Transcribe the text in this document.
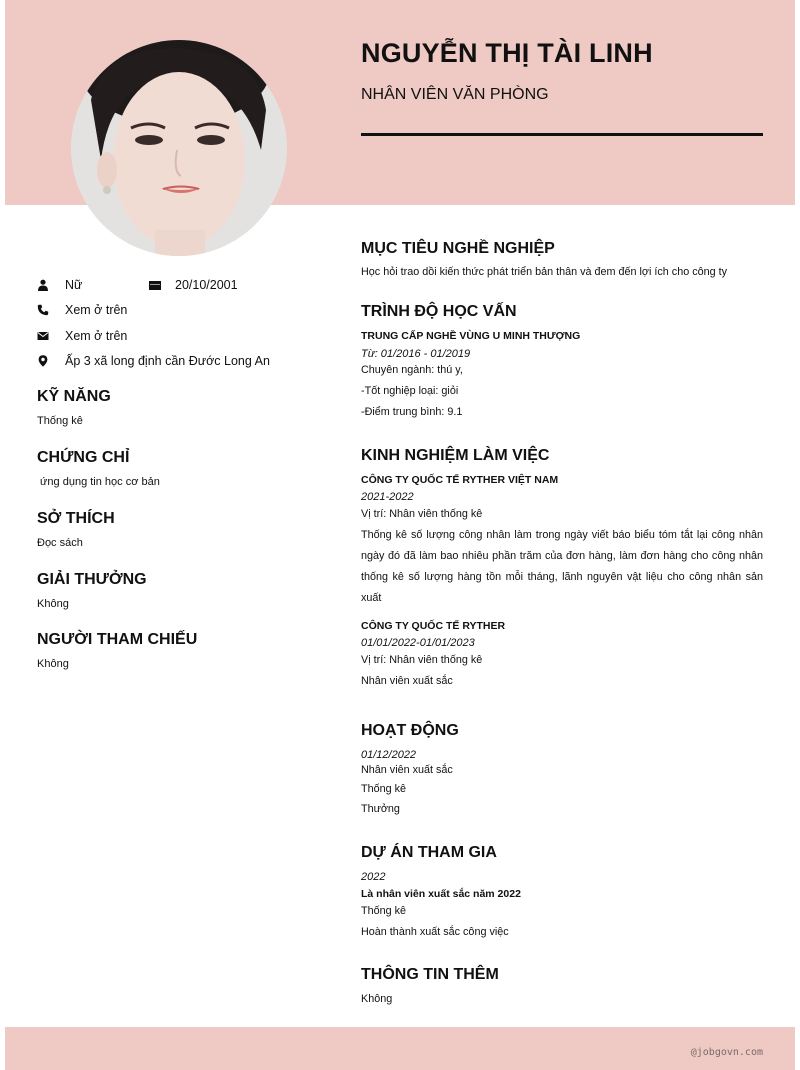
NGUYỄN THỊ TÀI LINH
NHÂN VIÊN VĂN PHÒNG
Nữ	20/10/2001
Xem ở trên
Xem ở trên
Ấp 3 xã long định cần Đước Long An
KỸ NĂNG
Thống kê
CHỨNG CHỈ
ứng dụng tin học cơ bản
SỞ THÍCH
Đọc sách
GIẢI THƯỞNG
Không
NGƯỜI THAM CHIẾU
Không
MỤC TIÊU NGHỀ NGHIỆP
Học hỏi trao dồi kiến thức phát triển bản thân và đem đến lợi ích cho công ty
TRÌNH ĐỘ HỌC VẤN
TRUNG CẤP NGHỀ VÙNG U MINH THƯỢNG
Từ: 01/2016 - 01/2019
Chuyên ngành: thú y,
-Tốt nghiệp loại: giỏi
-Điểm trung bình: 9.1
KINH NGHIỆM LÀM VIỆC
CÔNG TY QUỐC TẾ RYTHER VIỆT NAM
2021-2022
Vị trí: Nhân viên thống kê
Thống kê số lượng công nhân làm trong ngày viết báo biểu tóm tắt lại công nhân ngày đó đã làm bao nhiêu phần trăm của đơn hàng, làm đơn hàng cho công nhân thống kê số lượng hàng tồn mỗi tháng, lãnh nguyên vật liệu cho công nhân sản xuất
CÔNG TY QUỐC TẾ RYTHER
01/01/2022-01/01/2023
Vị trí: Nhân viên thống kê
Nhân viên xuất sắc
HOẠT ĐỘNG
01/12/2022
Nhân viên xuất sắc
Thống kê
Thưởng
DỰ ÁN THAM GIA
2022
Là nhân viên xuất sắc năm 2022
Thống kê
Hoàn thành xuất sắc công việc
THÔNG TIN THÊM
Không
@jobgovn.com
